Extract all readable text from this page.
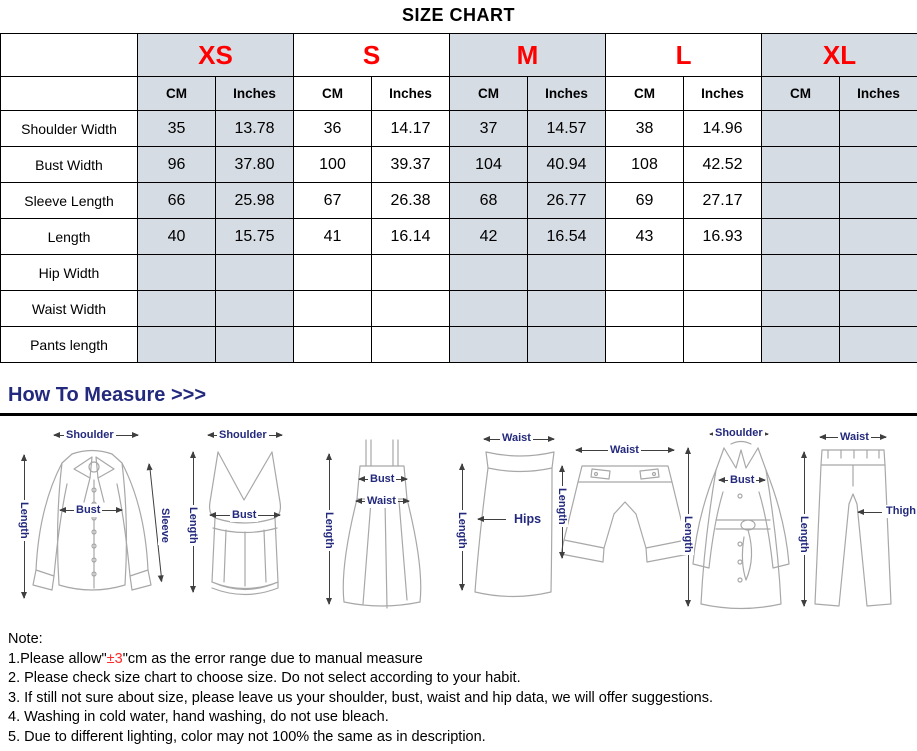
SIZE CHART
	XS		S		M		L		XL	
	CM	Inches	CM	Inches	CM	Inches	CM	Inches	CM	Inches
Shoulder Width	35	13.78	36	14.17	37	14.57	38	14.96		
Bust Width	96	37.80	100	39.37	104	40.94	108	42.52		
Sleeve Length	66	25.98	67	26.38	68	26.77	69	27.17		
Length	40	15.75	41	16.14	42	16.54	43	16.93		
Hip Width										
Waist Width										
Pants length										
How To Measure >>>
Shoulder
Bust
Length	Sleeve
Shoulder
Bust
Length
Bust
Waist
Length
Waist
Hips
Length
Waist
Length
Shoulder
Bust
Length
Waist
Thigh
Length
Note:
1.Please allow"±3"cm as the error range due to manual measure
2. Please check size chart to choose size. Do not select according to your habit.
3. If still not sure about size, please leave us your shoulder, bust, waist and hip data, we will offer suggestions.
4. Washing in cold water, hand washing, do not use bleach.
5. Due to different lighting, color may not 100% the same as in description.
